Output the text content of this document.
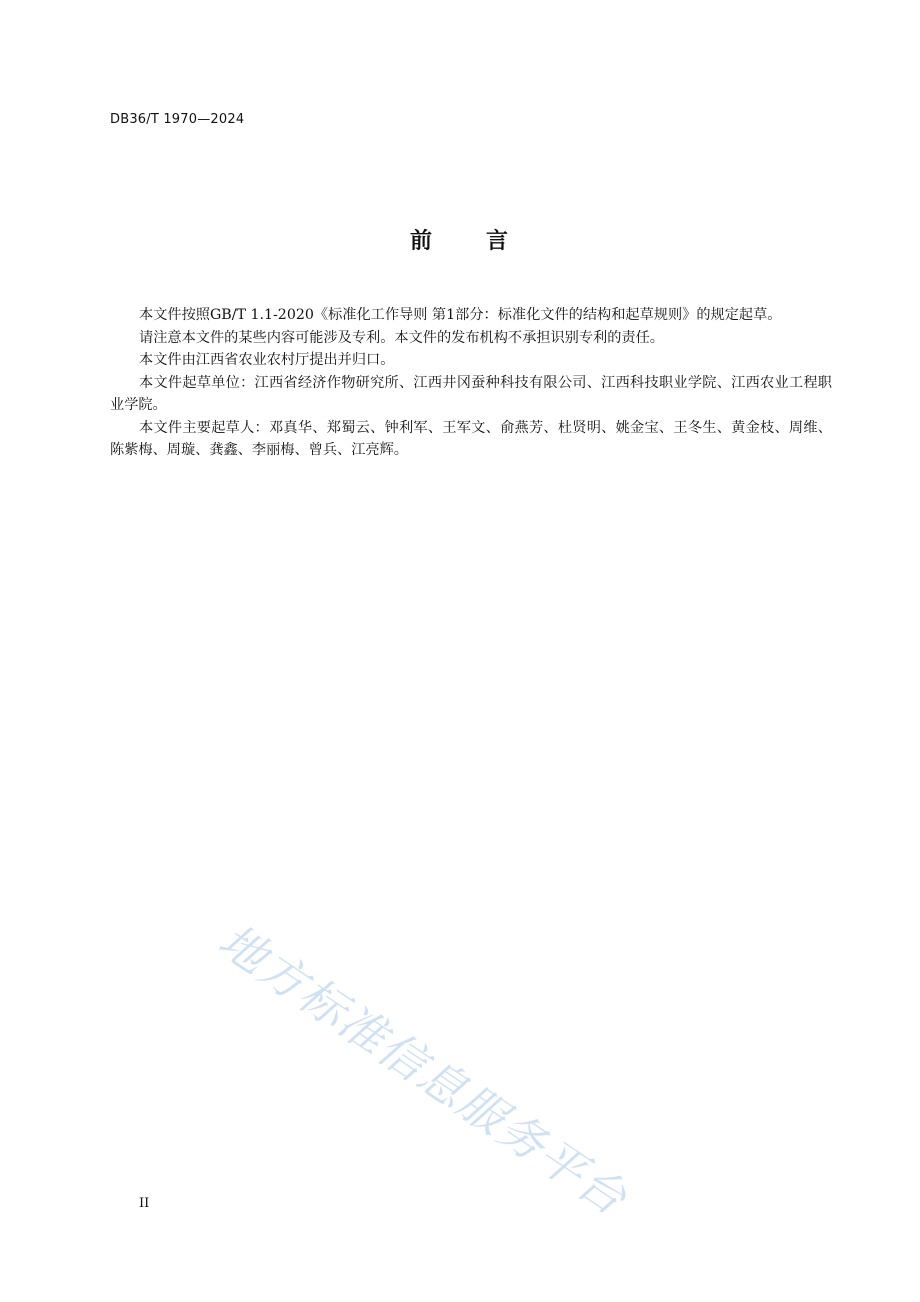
DB36/T 1970—2024
前 言

本文件按照GB/T 1.1-2020《标准化工作导则 第1部分：标准化文件的结构和起草规则》的规定起草。

请注意本文件的某些内容可能涉及专利。本文件的发布机构不承担识别专利的责任。

本文件由江西省农业农村厅提出并归口。

本文件起草单位：江西省经济作物研究所、江西井冈蚕种科技有限公司、江西科技职业学院、江西农业工程职业学院。

本文件主要起草人：邓真华、郑蜀云、钟利军、王军文、俞燕芳、杜贤明、姚金宝、王冬生、黄金枝、周维、陈紫梅、周璇、龚鑫、李丽梅、曾兵、江亮辉。

地方标准信息服务平台
II
